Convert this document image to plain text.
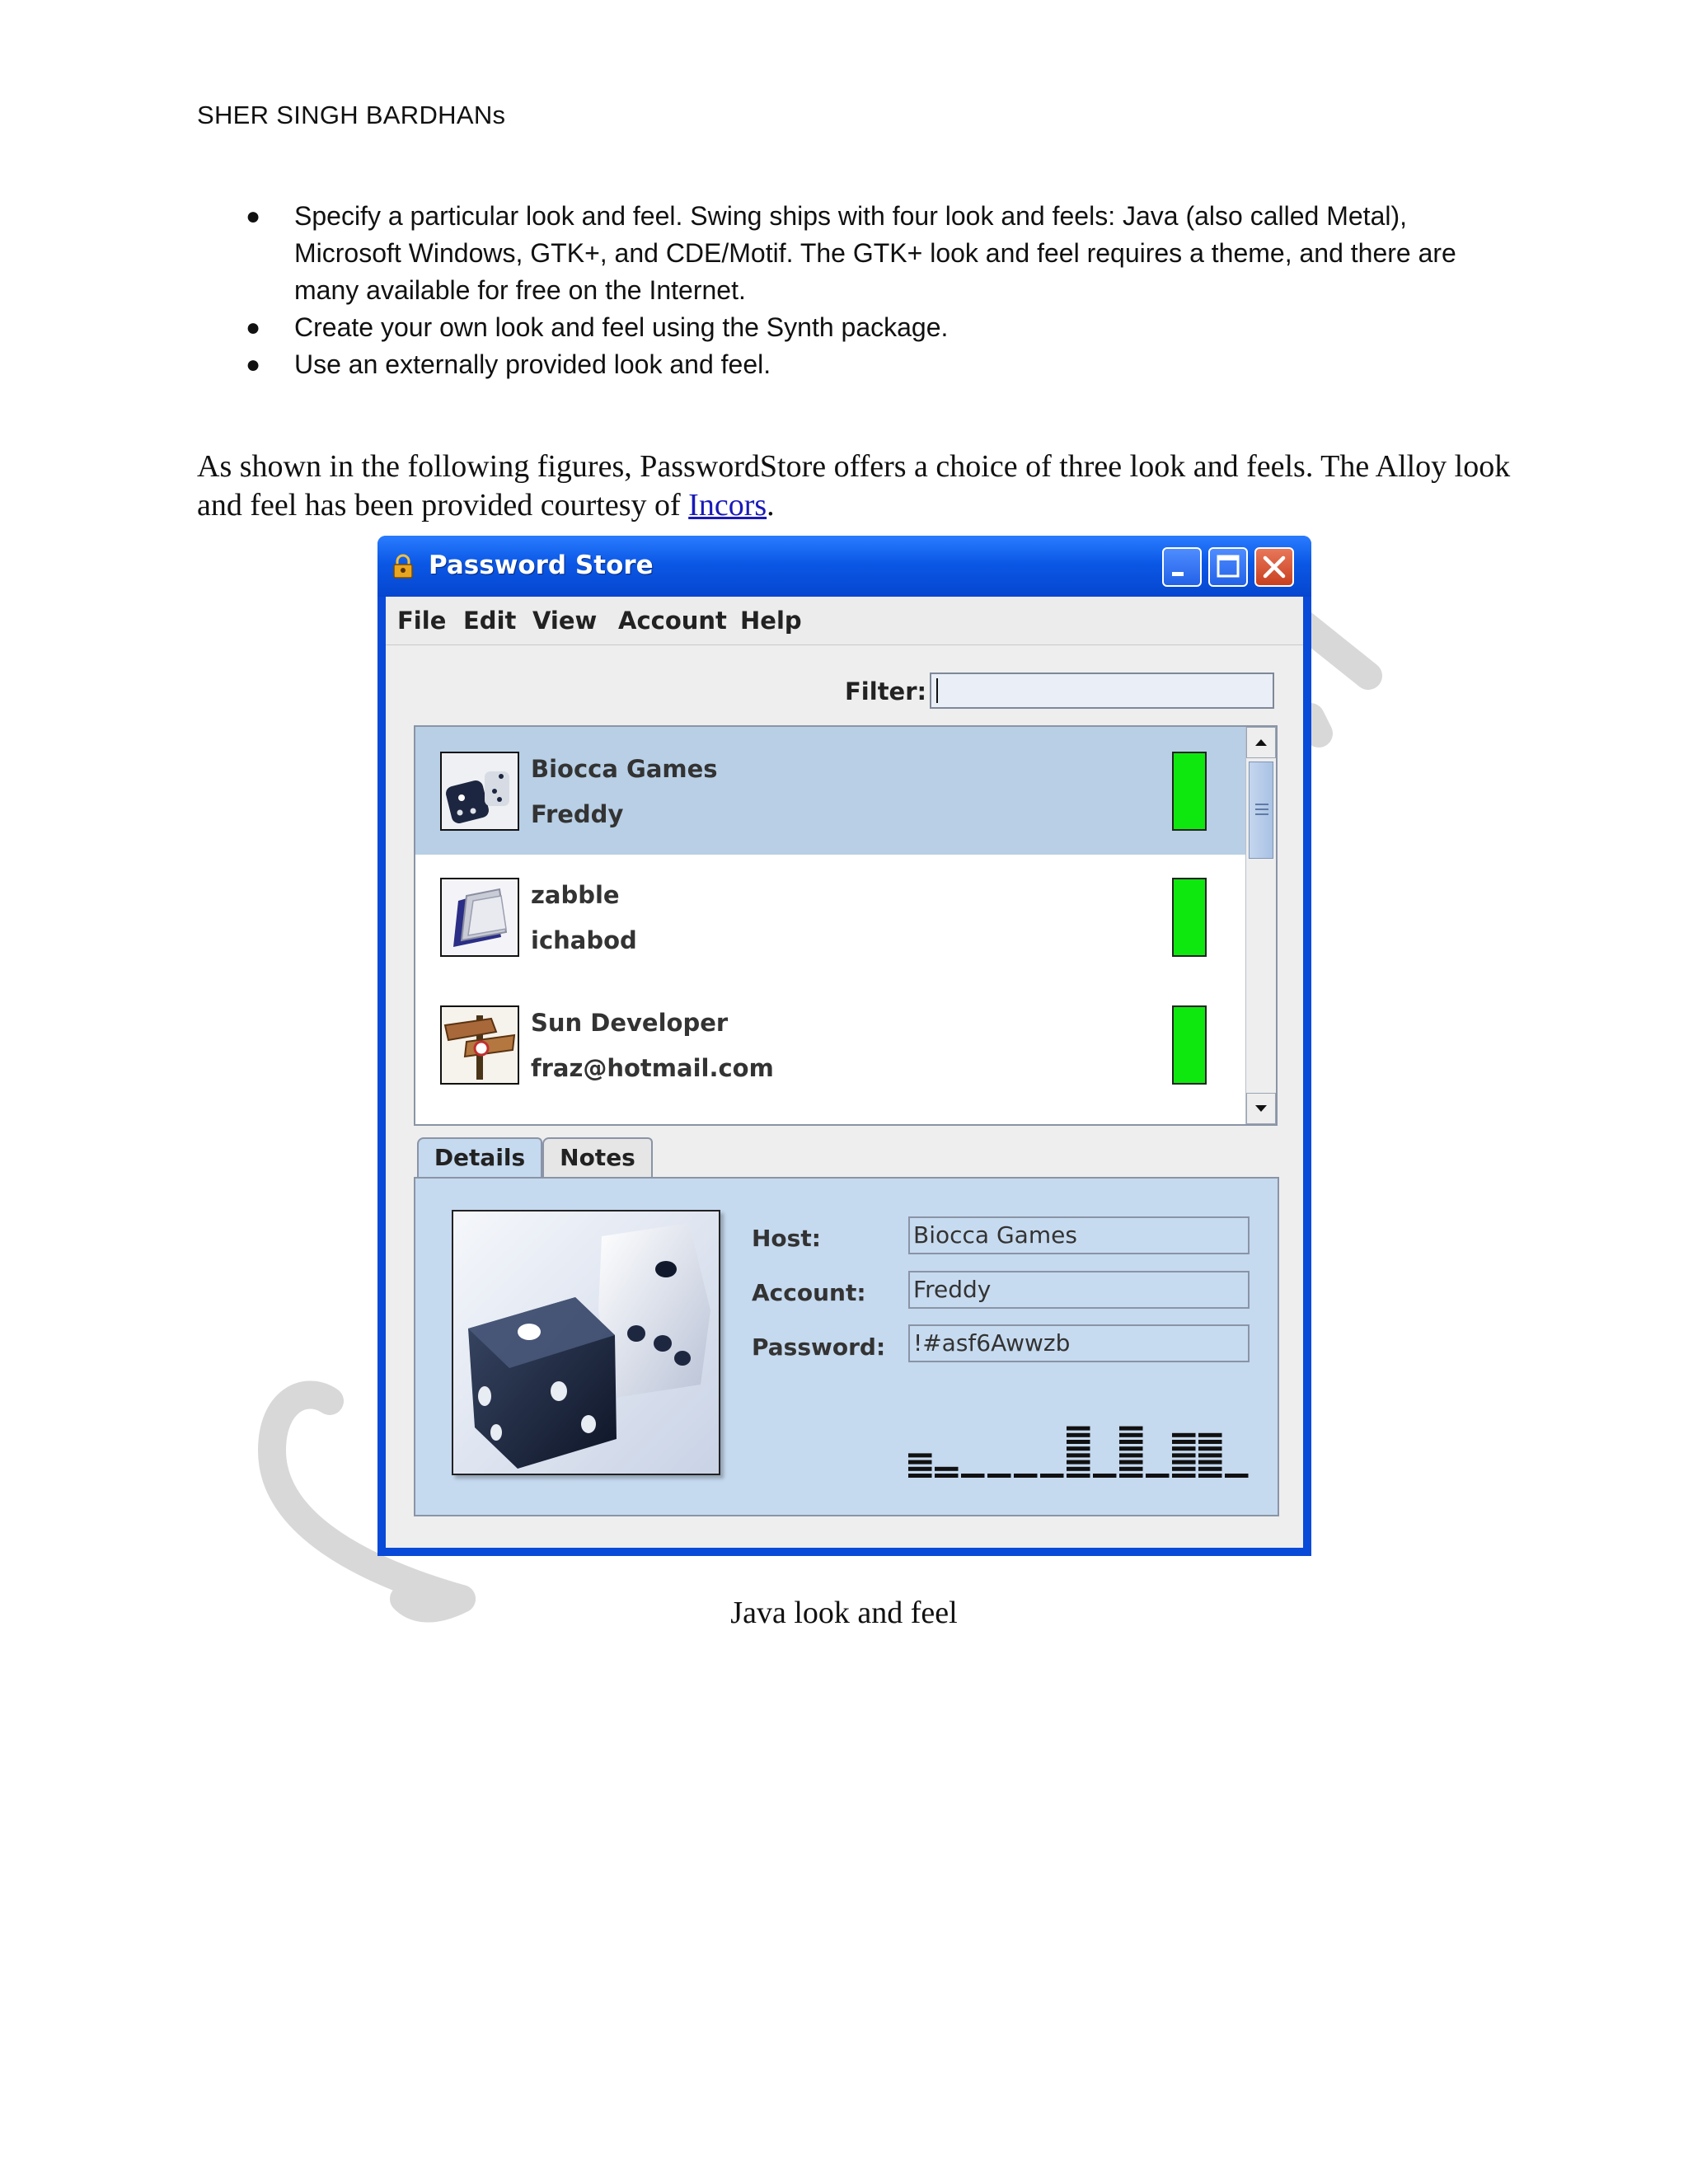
SHER SINGH BARDHANs
● Specify a particular look and feel. Swing ships with four look and feels: Java (also called Metal), Microsoft Windows, GTK+, and CDE/Motif. The GTK+ look and feel requires a theme, and there are many available for free on the Internet.
● Create your own look and feel using the Synth package.
● Use an externally provided look and feel.

As shown in the following figures, PasswordStore offers a choice of three look and feels. The Alloy look and feel has been provided courtesy of Incors.

Password Store
File Edit View Account Help
Filter:
Biocca Games
Freddy
zabble
ichabod
Sun Developer
fraz@hotmail.com
Details	Notes
Host:	Biocca Games
Account: Freddy
Password: !#asf6Awwzb
Java look and feel
